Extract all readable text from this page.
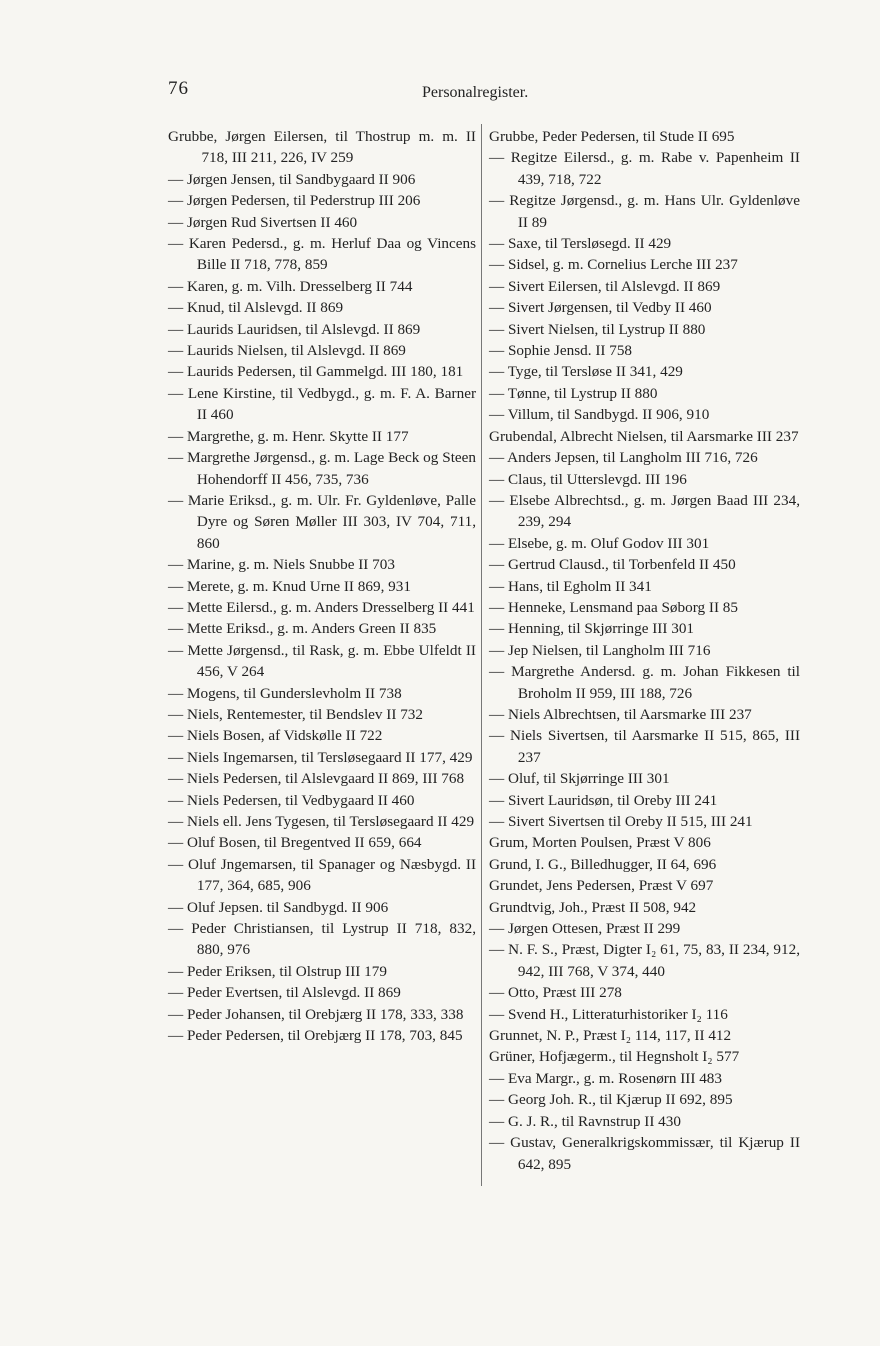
76	Personalregister.
Grubbe, Jørgen Eilersen, til Thostrup m. m. II 718, III 211, 226, IV 259
— Jørgen Jensen, til Sandbygaard II 906
— Jørgen Pedersen, til Pederstrup III 206
— Jørgen Rud Sivertsen II 460
— Karen Pedersd., g. m. Herluf Daa og Vincens Bille II 718, 778, 859
— Karen, g. m. Vilh. Dresselberg II 744
— Knud, til Alslevgd. II 869
— Laurids Lauridsen, til Alslevgd. II 869
— Laurids Nielsen, til Alslevgd. II 869
— Laurids Pedersen, til Gammelgd. III 180, 181
— Lene Kirstine, til Vedbygd., g. m. F. A. Barner II 460
— Margrethe, g. m. Henr. Skytte II 177
— Margrethe Jørgensd., g. m. Lage Beck og Steen Hohendorff II 456, 735, 736
— Marie Eriksd., g. m. Ulr. Fr. Gyldenløve, Palle Dyre og Søren Møller III 303, IV 704, 711, 860
— Marine, g. m. Niels Snubbe II 703
— Merete, g. m. Knud Urne II 869, 931
— Mette Eilersd., g. m. Anders Dresselberg II 441
— Mette Eriksd., g. m. Anders Green II 835
— Mette Jørgensd., til Rask, g. m. Ebbe Ulfeldt II 456, V 264
— Mogens, til Gunderslevholm II 738
— Niels, Rentemester, til Bendslev II 732
— Niels Bosen, af Vidskølle II 722
— Niels Ingemarsen, til Tersløsegaard II 177, 429
— Niels Pedersen, til Alslevgaard II 869, III 768
— Niels Pedersen, til Vedbygaard II 460
— Niels ell. Jens Tygesen, til Tersløsegaard II 429
— Oluf Bosen, til Bregentved II 659, 664
— Oluf Jngemarsen, til Spanager og Næsbygd. II 177, 364, 685, 906
— Oluf Jepsen. til Sandbygd. II 906
— Peder Christiansen, til Lystrup II 718, 832, 880, 976
— Peder Eriksen, til Olstrup III 179
— Peder Evertsen, til Alslevgd. II 869
— Peder Johansen, til Orebjærg II 178, 333, 338
— Peder Pedersen, til Orebjærg II 178, 703, 845
Grubbe, Peder Pedersen, til Stude II 695
— Regitze Eilersd., g. m. Rabe v. Papenheim II 439, 718, 722
— Regitze Jørgensd., g. m. Hans Ulr. Gyldenløve II 89
— Saxe, til Tersløsegd. II 429
— Sidsel, g. m. Cornelius Lerche III 237
— Sivert Eilersen, til Alslevgd. II 869
— Sivert Jørgensen, til Vedby II 460
— Sivert Nielsen, til Lystrup II 880
— Sophie Jensd. II 758
— Tyge, til Tersløse II 341, 429
— Tønne, til Lystrup II 880
— Villum, til Sandbygd. II 906, 910
Grubendal, Albrecht Nielsen, til Aarsmarke III 237
— Anders Jepsen, til Langholm III 716, 726
— Claus, til Utterslevgd. III 196
— Elsebe Albrechtsd., g. m. Jørgen Baad III 234, 239, 294
— Elsebe, g. m. Oluf Godov III 301
— Gertrud Clausd., til Torbenfeld II 450
— Hans, til Egholm II 341
— Henneke, Lensmand paa Søborg II 85
— Henning, til Skjørringe III 301
— Jep Nielsen, til Langholm III 716
— Margrethe Andersd. g. m. Johan Fikkesen til Broholm II 959, III 188, 726
— Niels Albrechtsen, til Aarsmarke III 237
— Niels Sivertsen, til Aarsmarke II 515, 865, III 237
— Oluf, til Skjørringe III 301
— Sivert Lauridsøn, til Oreby III 241
— Sivert Sivertsen til Oreby II 515, III 241
Grum, Morten Poulsen, Præst V 806
Grund, I. G., Billedhugger, II 64, 696
Grundet, Jens Pedersen, Præst V 697
Grundtvig, Joh., Præst II 508, 942
— Jørgen Ottesen, Præst II 299
— N. F. S., Præst, Digter I₂ 61, 75, 83, II 234, 912, 942, III 768, V 374, 440
— Otto, Præst III 278
— Svend H., Litteraturhistoriker I₂ 116
Grunnet, N. P., Præst I₂ 114, 117, II 412
Grüner, Hofjægerm., til Hegnsholt I₂ 577
— Eva Margr., g. m. Rosenørn III 483
— Georg Joh. R., til Kjærup II 692, 895
— G. J. R., til Ravnstrup II 430
— Gustav, Generalkrigskommissær, til Kjærup II 642, 895
